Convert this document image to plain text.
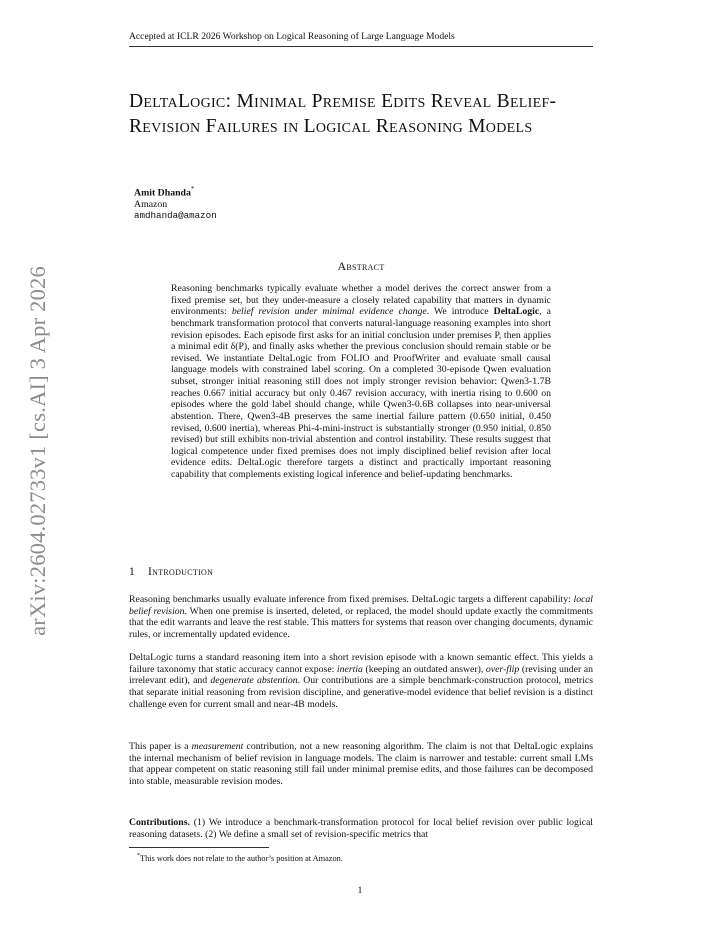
Accepted at ICLR 2026 Workshop on Logical Reasoning of Large Language Models
arXiv:2604.02733v1 [cs.AI] 3 Apr 2026
DeltaLogic: Minimal Premise Edits Reveal Belief-Revision Failures in Logical Reasoning Models
Amit Dhanda*
Amazon
amdhanda@amazon
Abstract
Reasoning benchmarks typically evaluate whether a model derives the correct answer from a fixed premise set, but they under-measure a closely related capability that matters in dynamic environments: belief revision under minimal evidence change. We introduce DeltaLogic, a benchmark transformation protocol that converts natural-language reasoning examples into short revision episodes. Each episode first asks for an initial conclusion under premises P, then applies a minimal edit δ(P), and finally asks whether the previous conclusion should remain stable or be revised. We instantiate DeltaLogic from FOLIO and ProofWriter and evaluate small causal language models with constrained label scoring. On a completed 30-episode Qwen evaluation subset, stronger initial reasoning still does not imply stronger revision behavior: Qwen3-1.7B reaches 0.667 initial accuracy but only 0.467 revision accuracy, with inertia rising to 0.600 on episodes where the gold label should change, while Qwen3-0.6B collapses into near-universal abstention. There, Qwen3-4B preserves the same inertial failure pattern (0.650 initial, 0.450 revised, 0.600 inertia), whereas Phi-4-mini-instruct is substantially stronger (0.950 initial, 0.850 revised) but still exhibits non-trivial abstention and control instability. These results suggest that logical competence under fixed premises does not imply disciplined belief revision after local evidence edits. DeltaLogic therefore targets a distinct and practically important reasoning capability that complements existing logical inference and belief-updating benchmarks.
1 Introduction
Reasoning benchmarks usually evaluate inference from fixed premises. DeltaLogic targets a different capability: local belief revision. When one premise is inserted, deleted, or replaced, the model should update exactly the commitments that the edit warrants and leave the rest stable. This matters for systems that reason over changing documents, dynamic rules, or incrementally updated evidence.
DeltaLogic turns a standard reasoning item into a short revision episode with a known semantic effect. This yields a failure taxonomy that static accuracy cannot expose: inertia (keeping an outdated answer), over-flip (revising under an irrelevant edit), and degenerate abstention. Our contributions are a simple benchmark-construction protocol, metrics that separate initial reasoning from revision discipline, and generative-model evidence that belief revision is a distinct challenge even for current small and near-4B models.
This paper is a measurement contribution, not a new reasoning algorithm. The claim is not that DeltaLogic explains the internal mechanism of belief revision in language models. The claim is narrower and testable: current small LMs that appear competent on static reasoning still fail under minimal premise edits, and those failures can be decomposed into stable, measurable revision modes.
Contributions. (1) We introduce a benchmark-transformation protocol for local belief revision over public logical reasoning datasets. (2) We define a small set of revision-specific metrics that
*This work does not relate to the author’s position at Amazon.
1
